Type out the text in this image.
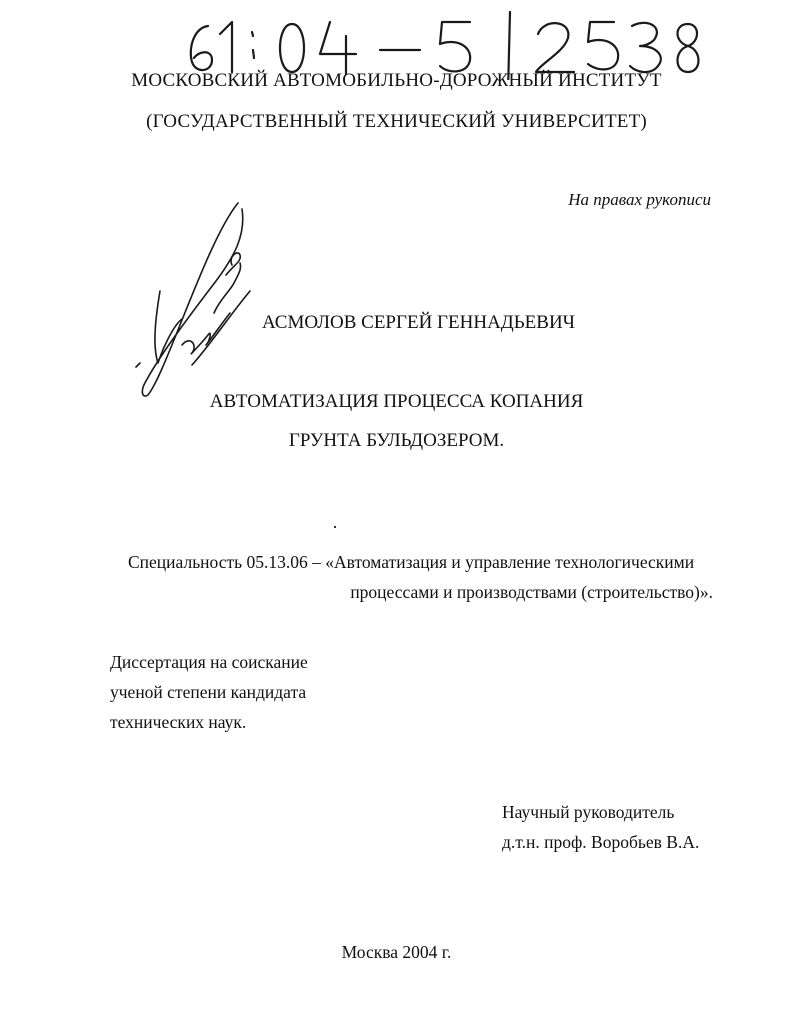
МОСКОВСКИЙ АВТОМОБИЛЬНО-ДОРОЖНЫЙ ИНСТИТУТ
(ГОСУДАРСТВЕННЫЙ ТЕХНИЧЕСКИЙ УНИВЕРСИТЕТ)
На правах рукописи
АСМОЛОВ СЕРГЕЙ ГЕННАДЬЕВИЧ
АВТОМАТИЗАЦИЯ ПРОЦЕССА КОПАНИЯ
ГРУНТА БУЛЬДОЗЕРОМ.
Специальность 05.13.06 – «Автоматизация и управление технологическими
процессами и производствами (строительство)».
Диссертация на соискание
ученой степени кандидата
технических наук.
Научный руководитель
д.т.н. проф. Воробьев В.А.
Москва 2004 г.
